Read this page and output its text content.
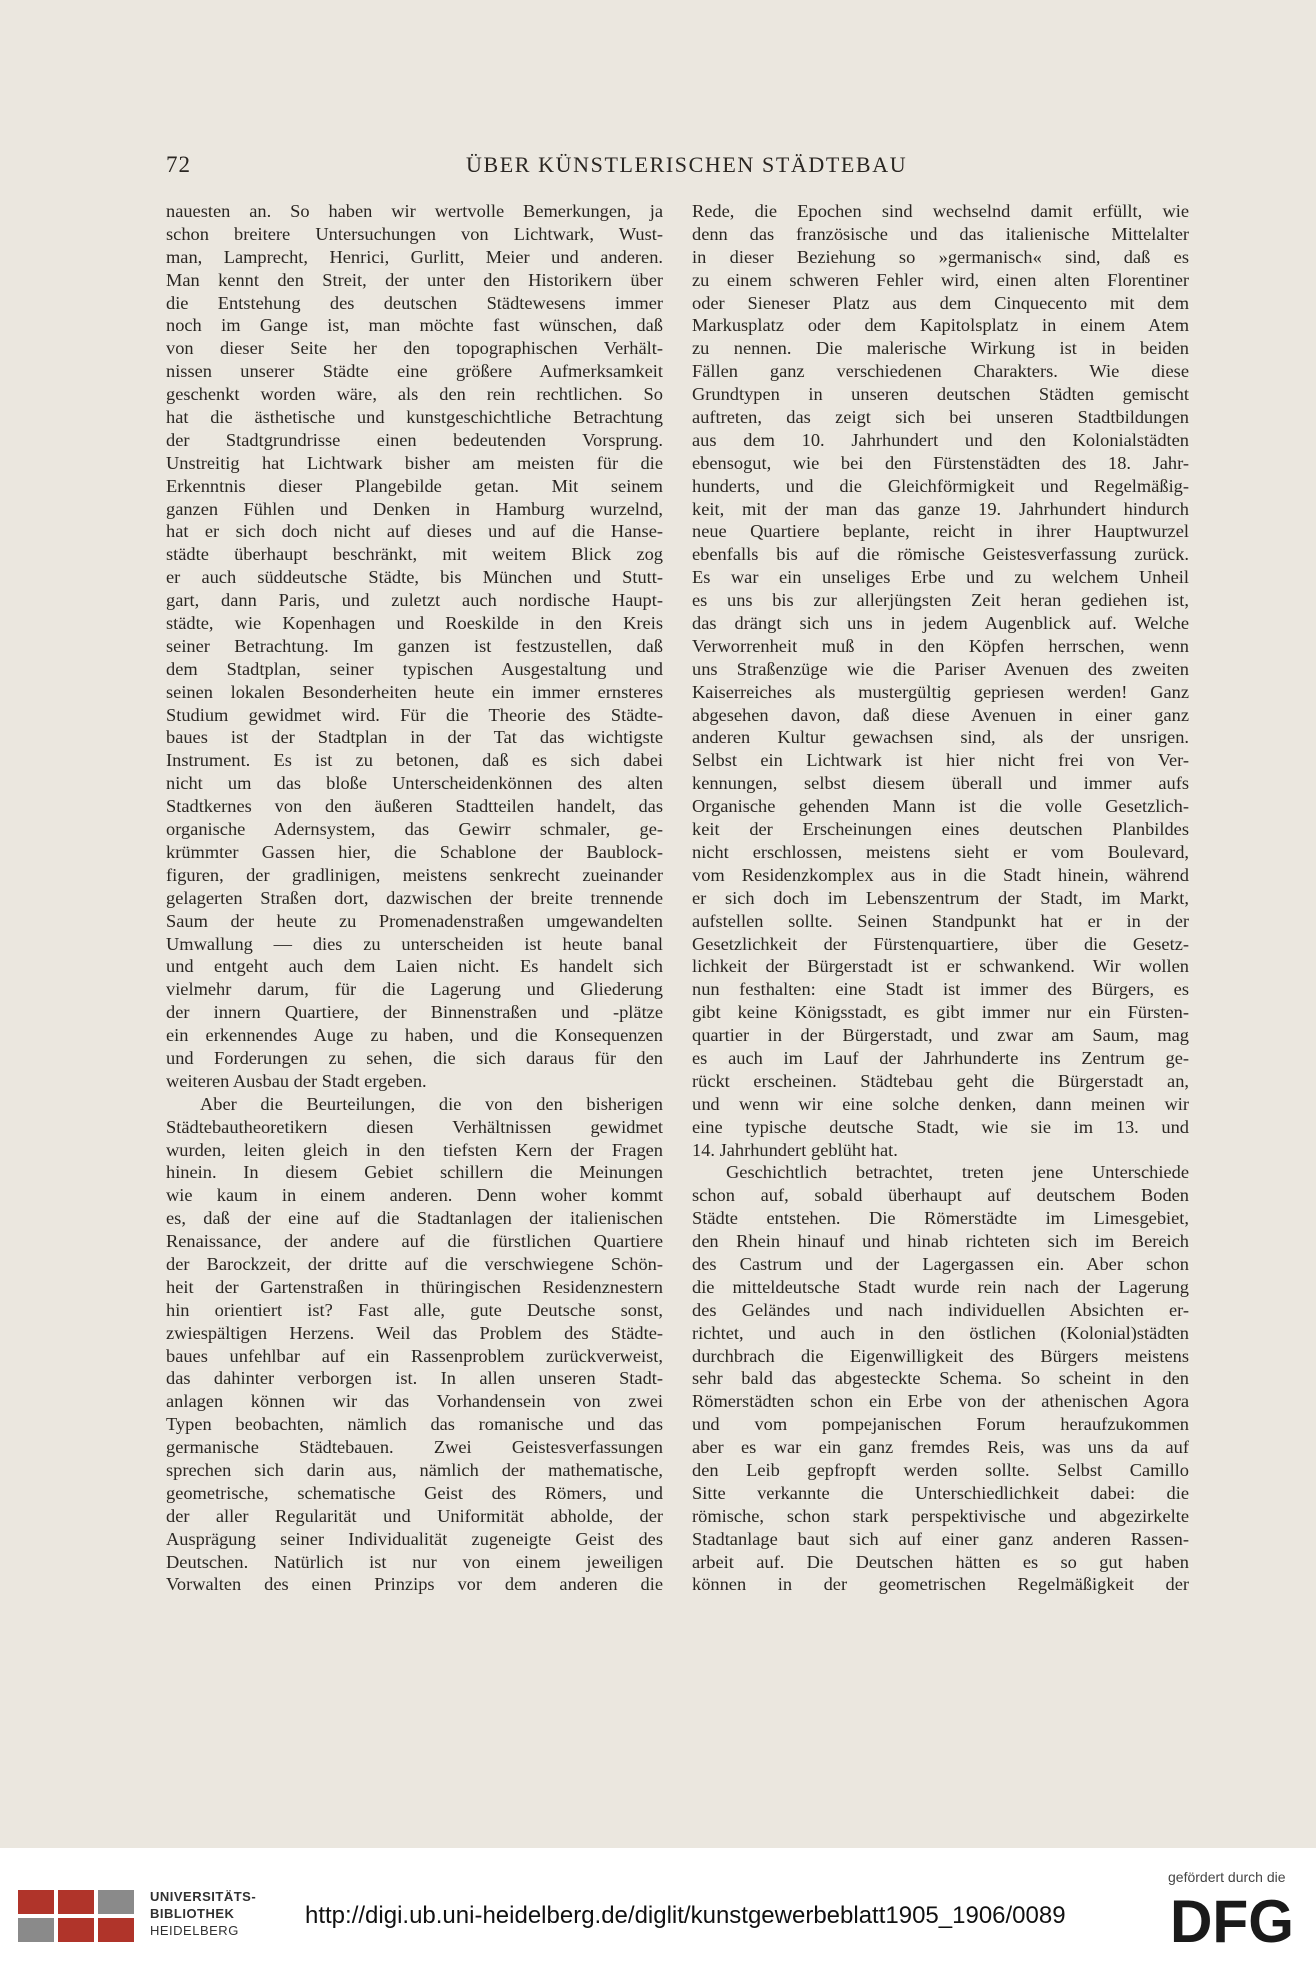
72	ÜBER KÜNSTLERISCHEN STÄDTEBAU
nauesten an. So haben wir wertvolle Bemerkungen, ja
schon breitere Untersuchungen von Lichtwark, Wust-
man, Lamprecht, Henrici, Gurlitt, Meier und anderen.
Man kennt den Streit, der unter den Historikern über
die Entstehung des deutschen Städtewesens immer
noch im Gange ist, man möchte fast wünschen, daß
von dieser Seite her den topographischen Verhält-
nissen unserer Städte eine größere Aufmerksamkeit
geschenkt worden wäre, als den rein rechtlichen. So
hat die ästhetische und kunstgeschichtliche Betrachtung
der Stadtgrundrisse einen bedeutenden Vorsprung.
Unstreitig hat Lichtwark bisher am meisten für die
Erkenntnis dieser Plangebilde getan. Mit seinem
ganzen Fühlen und Denken in Hamburg wurzelnd,
hat er sich doch nicht auf dieses und auf die Hanse-
städte überhaupt beschränkt, mit weitem Blick zog
er auch süddeutsche Städte, bis München und Stutt-
gart, dann Paris, und zuletzt auch nordische Haupt-
städte, wie Kopenhagen und Roeskilde in den Kreis
seiner Betrachtung. Im ganzen ist festzustellen, daß
dem Stadtplan, seiner typischen Ausgestaltung und
seinen lokalen Besonderheiten heute ein immer ernsteres
Studium gewidmet wird. Für die Theorie des Städte-
baues ist der Stadtplan in der Tat das wichtigste
Instrument. Es ist zu betonen, daß es sich dabei
nicht um das bloße Unterscheidenkönnen des alten
Stadtkernes von den äußeren Stadtteilen handelt, das
organische Adernsystem, das Gewirr schmaler, ge-
krümmter Gassen hier, die Schablone der Baublock-
figuren, der gradlinigen, meistens senkrecht zueinander
gelagerten Straßen dort, dazwischen der breite trennende
Saum der heute zu Promenadenstraßen umgewandelten
Umwallung — dies zu unterscheiden ist heute banal
und entgeht auch dem Laien nicht. Es handelt sich
vielmehr darum, für die Lagerung und Gliederung
der innern Quartiere, der Binnenstraßen und -plätze
ein erkennendes Auge zu haben, und die Konsequenzen
und Forderungen zu sehen, die sich daraus für den
weiteren Ausbau der Stadt ergeben.
Aber die Beurteilungen, die von den bisherigen
Städtebautheoretikern diesen Verhältnissen gewidmet
wurden, leiten gleich in den tiefsten Kern der Fragen
hinein. In diesem Gebiet schillern die Meinungen
wie kaum in einem anderen. Denn woher kommt
es, daß der eine auf die Stadtanlagen der italienischen
Renaissance, der andere auf die fürstlichen Quartiere
der Barockzeit, der dritte auf die verschwiegene Schön-
heit der Gartenstraßen in thüringischen Residenznestern
hin orientiert ist? Fast alle, gute Deutsche sonst,
zwiespältigen Herzens. Weil das Problem des Städte-
baues unfehlbar auf ein Rassenproblem zurückverweist,
das dahinter verborgen ist. In allen unseren Stadt-
anlagen können wir das Vorhandensein von zwei
Typen beobachten, nämlich das romanische und das
germanische Städtebauen. Zwei Geistesverfassungen
sprechen sich darin aus, nämlich der mathematische,
geometrische, schematische Geist des Römers, und
der aller Regularität und Uniformität abholde, der
Ausprägung seiner Individualität zugeneigte Geist des
Deutschen. Natürlich ist nur von einem jeweiligen
Vorwalten des einen Prinzips vor dem anderen die
Rede, die Epochen sind wechselnd damit erfüllt, wie
denn das französische und das italienische Mittelalter
in dieser Beziehung so »germanisch« sind, daß es
zu einem schweren Fehler wird, einen alten Florentiner
oder Sieneser Platz aus dem Cinquecento mit dem
Markusplatz oder dem Kapitolsplatz in einem Atem
zu nennen. Die malerische Wirkung ist in beiden
Fällen ganz verschiedenen Charakters. Wie diese
Grundtypen in unseren deutschen Städten gemischt
auftreten, das zeigt sich bei unseren Stadtbildungen
aus dem 10. Jahrhundert und den Kolonialstädten
ebensogut, wie bei den Fürstenstädten des 18. Jahr-
hunderts, und die Gleichförmigkeit und Regelmäßig-
keit, mit der man das ganze 19. Jahrhundert hindurch
neue Quartiere beplante, reicht in ihrer Hauptwurzel
ebenfalls bis auf die römische Geistesverfassung zurück.
Es war ein unseliges Erbe und zu welchem Unheil
es uns bis zur allerjüngsten Zeit heran gediehen ist,
das drängt sich uns in jedem Augenblick auf. Welche
Verworrenheit muß in den Köpfen herrschen, wenn
uns Straßenzüge wie die Pariser Avenuen des zweiten
Kaiserreiches als mustergültig gepriesen werden! Ganz
abgesehen davon, daß diese Avenuen in einer ganz
anderen Kultur gewachsen sind, als der unsrigen.
Selbst ein Lichtwark ist hier nicht frei von Ver-
kennungen, selbst diesem überall und immer aufs
Organische gehenden Mann ist die volle Gesetzlich-
keit der Erscheinungen eines deutschen Planbildes
nicht erschlossen, meistens sieht er vom Boulevard,
vom Residenzkomplex aus in die Stadt hinein, während
er sich doch im Lebenszentrum der Stadt, im Markt,
aufstellen sollte. Seinen Standpunkt hat er in der
Gesetzlichkeit der Fürstenquartiere, über die Gesetz-
lichkeit der Bürgerstadt ist er schwankend. Wir wollen
nun festhalten: eine Stadt ist immer des Bürgers, es
gibt keine Königsstadt, es gibt immer nur ein Fürsten-
quartier in der Bürgerstadt, und zwar am Saum, mag
es auch im Lauf der Jahrhunderte ins Zentrum ge-
rückt erscheinen. Städtebau geht die Bürgerstadt an,
und wenn wir eine solche denken, dann meinen wir
eine typische deutsche Stadt, wie sie im 13. und
14. Jahrhundert geblüht hat.
Geschichtlich betrachtet, treten jene Unterschiede
schon auf, sobald überhaupt auf deutschem Boden
Städte entstehen. Die Römerstädte im Limesgebiet,
den Rhein hinauf und hinab richteten sich im Bereich
des Castrum und der Lagergassen ein. Aber schon
die mitteldeutsche Stadt wurde rein nach der Lagerung
des Geländes und nach individuellen Absichten er-
richtet, und auch in den östlichen (Kolonial)städten
durchbrach die Eigenwilligkeit des Bürgers meistens
sehr bald das abgesteckte Schema. So scheint in den
Römerstädten schon ein Erbe von der athenischen Agora
und vom pompejanischen Forum heraufzukommen
aber es war ein ganz fremdes Reis, was uns da auf
den Leib gepfropft werden sollte. Selbst Camillo
Sitte verkannte die Unterschiedlichkeit dabei: die
römische, schon stark perspektivische und abgezirkelte
Stadtanlage baut sich auf einer ganz anderen Rassen-
arbeit auf. Die Deutschen hätten es so gut haben
können in der geometrischen Regelmäßigkeit der
UNIVERSITÄTS-
BIBLIOTHEK
HEIDELBERG
http://digi.ub.uni-heidelberg.de/diglit/kunstgewerbeblatt1905_1906/0089
gefördert durch die
DFG
